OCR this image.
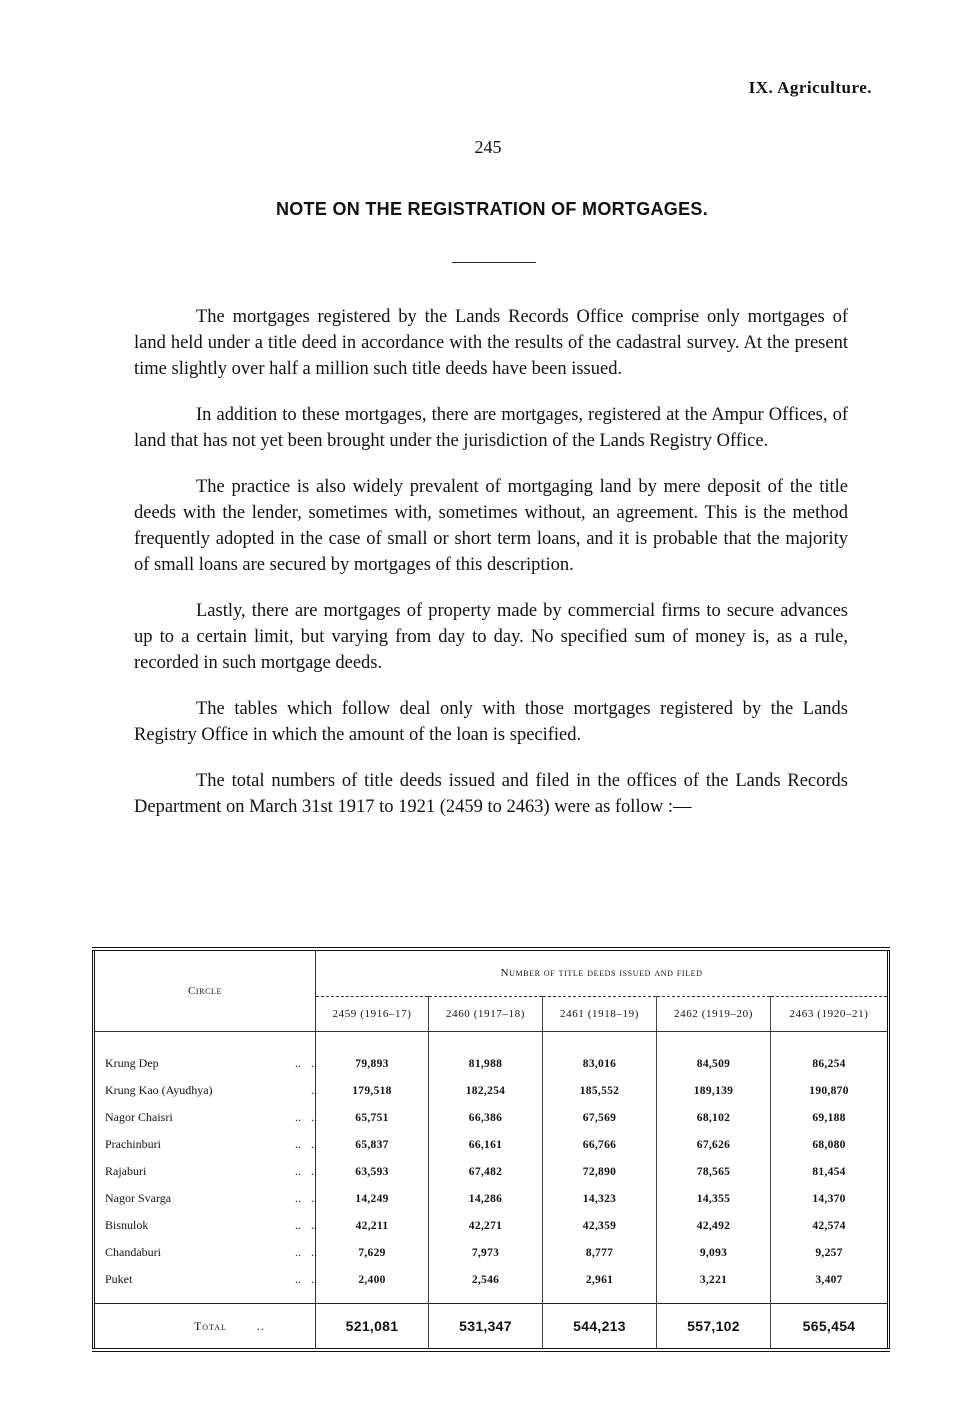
IX. Agriculture.
245
NOTE ON THE REGISTRATION OF MORTGAGES.

The mortgages registered by the Lands Records Office comprise only mortgages of land held under a title deed in accordance with the results of the cadastral survey. At the present time slightly over half a million such title deeds have been issued.

In addition to these mortgages, there are mortgages, registered at the Ampur Offices, of land that has not yet been brought under the jurisdiction of the Lands Registry Office.

The practice is also widely prevalent of mortgaging land by mere deposit of the title deeds with the lender, sometimes with, sometimes without, an agreement. This is the method frequently adopted in the case of small or short term loans, and it is probable that the majority of small loans are secured by mortgages of this description.

Lastly, there are mortgages of property made by commercial firms to secure advances up to a certain limit, but varying from day to day. No specified sum of money is, as a rule, recorded in such mortgage deeds.

The tables which follow deal only with those mortgages registered by the Lands Registry Office in which the amount of the loan is specified.

The total numbers of title deeds issued and filed in the offices of the Lands Records Department on March 31st 1917 to 1921 (2459 to 2463) were as follow :—

Circle	Number of title deeds issued and filed				
	2459 (1916–17)	2460 (1917–18)	2461 (1918–19)	2462 (1919–20)	2463 (1920–21)

Krung Dep .. ..	79,893	81,988	83,016	84,509	86,254
Krung Kao (Ayudhya) ..	179,518	182,254	185,552	189,139	190,870
Nagor Chaisri .. ..	65,751	66,386	67,569	68,102	69,188
Prachinburi .. ..	65,837	66,161	66,766	67,626	68,080
Rajaburi .. ..	63,593	67,482	72,890	78,565	81,454
Nagor Svarga .. ..	14,249	14,286	14,323	14,355	14,370
Bisnulok .. ..	42,211	42,271	42,359	42,492	42,574
Chandaburi .. ..	7,629	7,973	8,777	9,093	9,257
Puket .. ..	2,400	2,546	2,961	3,221	3,407

Total ..	521,081	531,347	544,213	557,102	565,454
